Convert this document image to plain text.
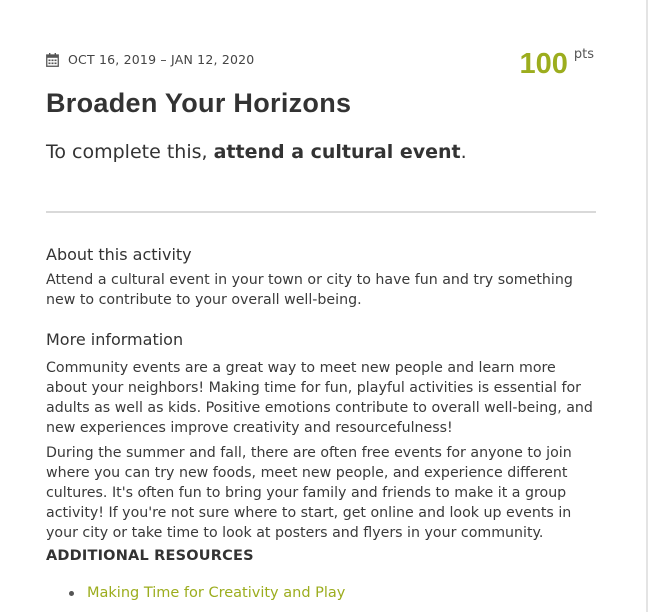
OCT 16, 2019 – JAN 12, 2020	100 pts
Broaden Your Horizons

To complete this, attend a cultural event.

About this activity

Attend a cultural event in your town or city to have fun and try something new to contribute to your overall well-being.

More information

Community events are a great way to meet new people and learn more about your neighbors! Making time for fun, playful activities is essential for adults as well as kids. Positive emotions contribute to overall well-being, and new experiences improve creativity and resourcefulness!

During the summer and fall, there are often free events for anyone to join where you can try new foods, meet new people, and experience different cultures. It's often fun to bring your family and friends to make it a group activity! If you're not sure where to start, get online and look up events in your city or take time to look at posters and flyers in your community.

ADDITIONAL RESOURCES
Making Time for Creativity and Play
